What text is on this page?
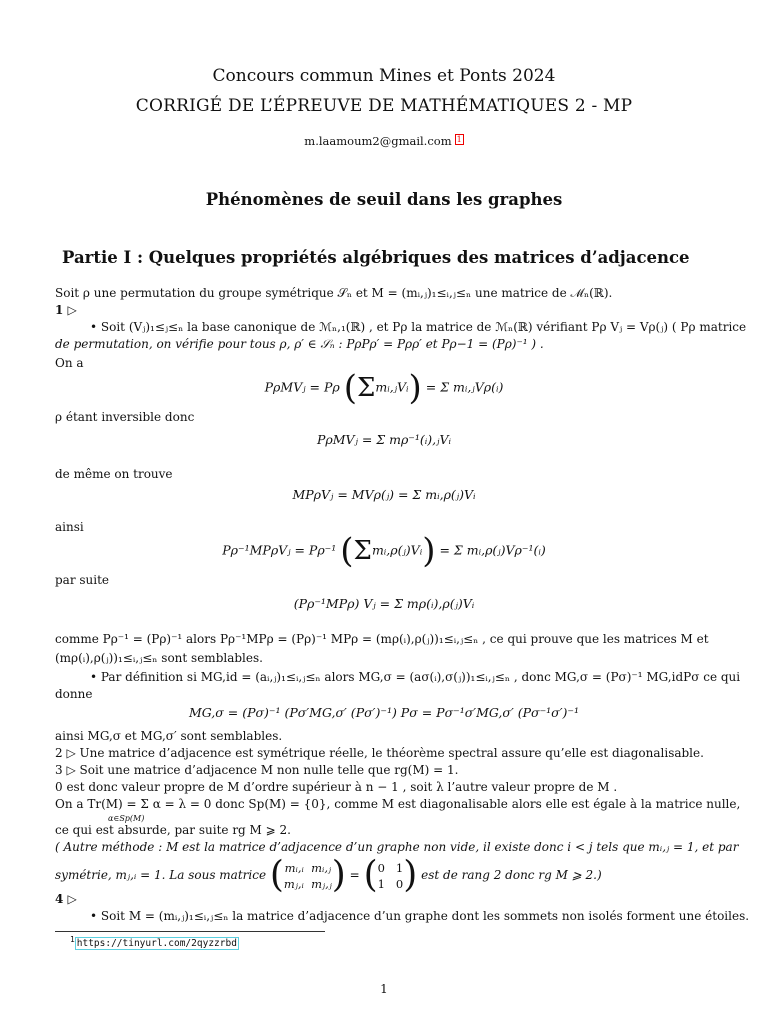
Concours commun Mines et Ponts 2024
CORRIGÉ DE L’ÉPREUVE DE MATHÉMATIQUES 2 - MP
m.laamoum2@gmail.com 1
Phénomènes de seuil dans les graphes
Partie I : Quelques propriétés algébriques des matrices d’adjacence
Soit ρ une permutation du groupe symétrique 𝒮ₙ et M = (mᵢ,ⱼ)₁≤ᵢ,ⱼ≤ₙ une matrice de ℳₙ(ℝ).
1 ▷
• Soit (Vⱼ)₁≤ⱼ≤ₙ la base canonique de ℳₙ,₁(ℝ) , et Pρ la matrice de ℳₙ(ℝ) vérifiant Pρ Vⱼ = Vρ(ⱼ) ( Pρ matrice
de permutation, on vérifie pour tous ρ, ρ′ ∈ 𝒮ₙ : PρPρ′ = Pρρ′ et Pρ−1 = (Pρ)⁻¹ ) .
On a
PρMVⱼ = Pρ (Σmᵢ,ⱼVᵢ) = Σ mᵢ,ⱼVρ(ᵢ)
ρ étant inversible donc
PρMVⱼ = Σ mρ⁻¹(ᵢ),ⱼVᵢ
de même on trouve
MPρVⱼ = MVρ(ⱼ) = Σ mᵢ,ρ(ⱼ)Vᵢ
ainsi
Pρ⁻¹MPρVⱼ = Pρ⁻¹ (Σmᵢ,ρ(ⱼ)Vᵢ) = Σ mᵢ,ρ(ⱼ)Vρ⁻¹(ᵢ)
par suite
(Pρ⁻¹MPρ) Vⱼ = Σ mρ(ᵢ),ρ(ⱼ)Vᵢ
comme Pρ⁻¹ = (Pρ)⁻¹ alors Pρ⁻¹MPρ = (Pρ)⁻¹ MPρ = (mρ(ᵢ),ρ(ⱼ))₁≤ᵢ,ⱼ≤ₙ , ce qui prouve que les matrices M et
(mρ(ᵢ),ρ(ⱼ))₁≤ᵢ,ⱼ≤ₙ sont semblables.
• Par définition si MG,id = (aᵢ,ⱼ)₁≤ᵢ,ⱼ≤ₙ alors MG,σ = (aσ(ᵢ),σ(ⱼ))₁≤ᵢ,ⱼ≤ₙ , donc MG,σ = (Pσ)⁻¹ MG,idPσ ce qui
donne
MG,σ = (Pσ)⁻¹ (Pσ′MG,σ′ (Pσ′)⁻¹) Pσ = Pσ⁻¹σ′MG,σ′ (Pσ⁻¹σ′)⁻¹
ainsi MG,σ et MG,σ′ sont semblables.
2 ▷ Une matrice d’adjacence est symétrique réelle, le théorème spectral assure qu’elle est diagonalisable.
3 ▷ Soit une matrice d’adjacence M non nulle telle que rg(M) = 1.
0 est donc valeur propre de M d’ordre supérieur à n − 1 , soit λ l’autre valeur propre de M .
On a Tr(M) = Σ α = λ = 0 donc Sp(M) = {0}, comme M est diagonalisable alors elle est égale à la matrice nulle,
α∈Sp(M)
ce qui est absurde, par suite rg M ⩾ 2.
( Autre méthode : M est la matrice d’adjacence d’un graphe non vide, il existe donc i < j tels que mᵢ,ⱼ = 1, et par
symétrie, mⱼ,ᵢ = 1. La sous matrice (mᵢ,ᵢ mᵢ,ⱼ
mⱼ,ᵢ mⱼ,ⱼ) = (0 1
1 0) est de rang 2 donc rg M ⩾ 2.)
4 ▷
• Soit M = (mᵢ,ⱼ)₁≤ᵢ,ⱼ≤ₙ la matrice d’adjacence d’un graphe dont les sommets non isolés forment une étoiles.
$^1$ https://tinyurl.com/2qyzzrbd
1
